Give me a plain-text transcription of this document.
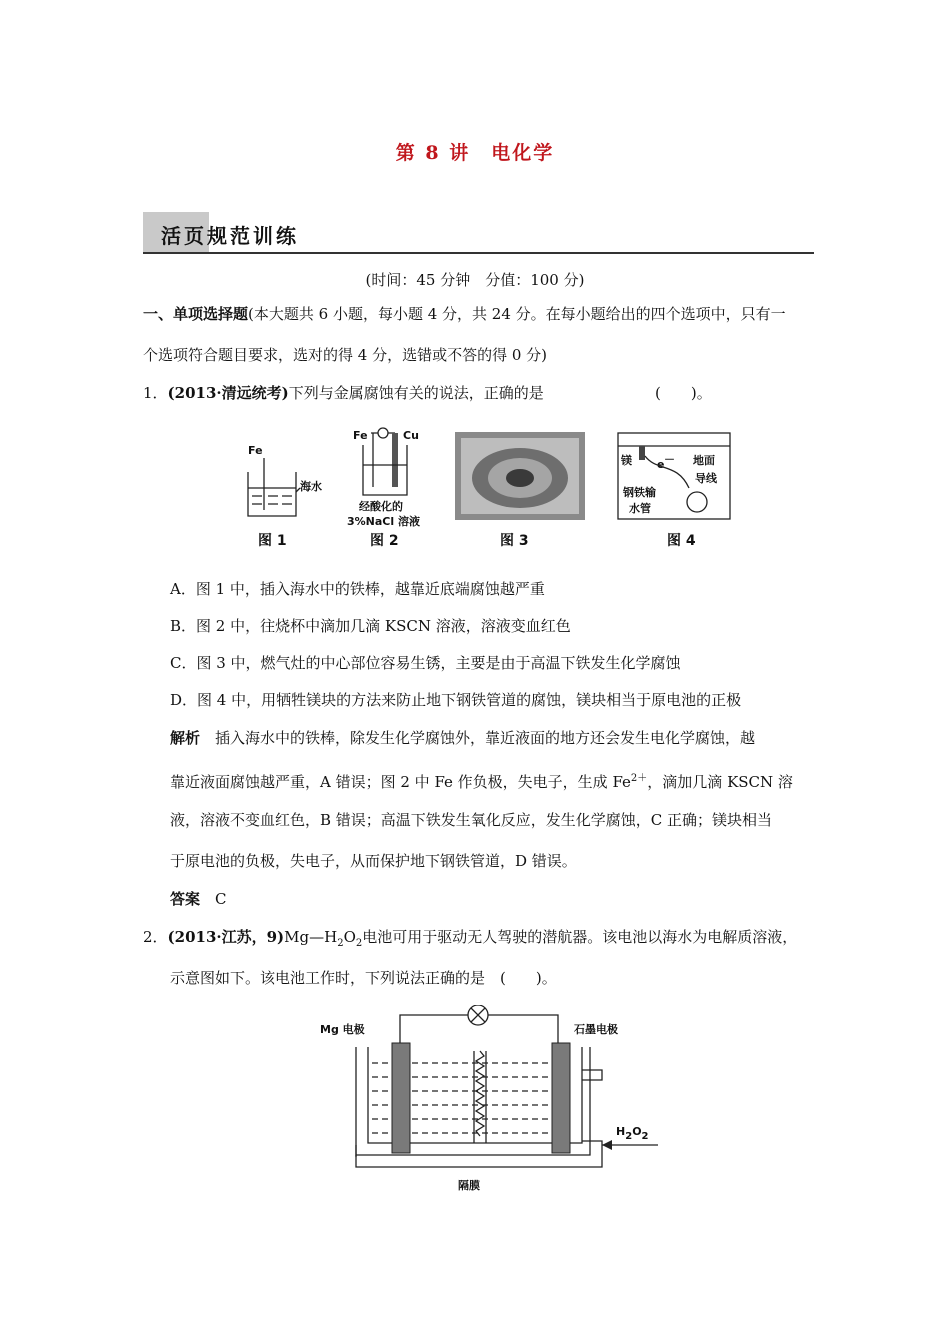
第 8 讲　电化学
活页规范训练
(时间：45 分钟　分值：100 分)
一、单项选择题(本大题共 6 小题，每小题 4 分，共 24 分。在每小题给出的四个选项中，只有一
个选项符合题目要求，选对的得 4 分，选错或不答的得 0 分)
1．(2013·清远统考)下列与金属腐蚀有关的说法，正确的是	(　　)。
Fe
海水
图 1
Fe	Cu
经酸化的
3%NaCl 溶液
图 2	图 3
镁 e － 地面
导线
钢铁输
水管
图 4
A．图 1 中，插入海水中的铁棒，越靠近底端腐蚀越严重
B．图 2 中，往烧杯中滴加几滴 KSCN 溶液，溶液变血红色
C．图 3 中，燃气灶的中心部位容易生锈，主要是由于高温下铁发生化学腐蚀
D．图 4 中，用牺牲镁块的方法来防止地下钢铁管道的腐蚀，镁块相当于原电池的正极
解析　 插入海水中的铁棒，除发生化学腐蚀外，靠近液面的地方还会发生电化学腐蚀，越
靠近液面腐蚀越严重，A 错误；图 2 中 Fe 作负极，失电子，生成 $Fe^{2+}$，滴加几滴 KSCN 溶
液，溶液不变血红色，B 错误；高温下铁发生氧化反应，发生化学腐蚀，C 正确；镁块相当
于原电池的负极，失电子，从而保护地下钢铁管道，D 错误。
答案　 C
2．(2013·江苏，$9)Mg—H_2O_2$电池可用于驱动无人驾驶的潜航器。该电池以海水为电解质溶液，
示意图如下。该电池工作时，下列说法正确的是　(　　)。
Mg 电极	石墨电极
H2O2
隔膜
